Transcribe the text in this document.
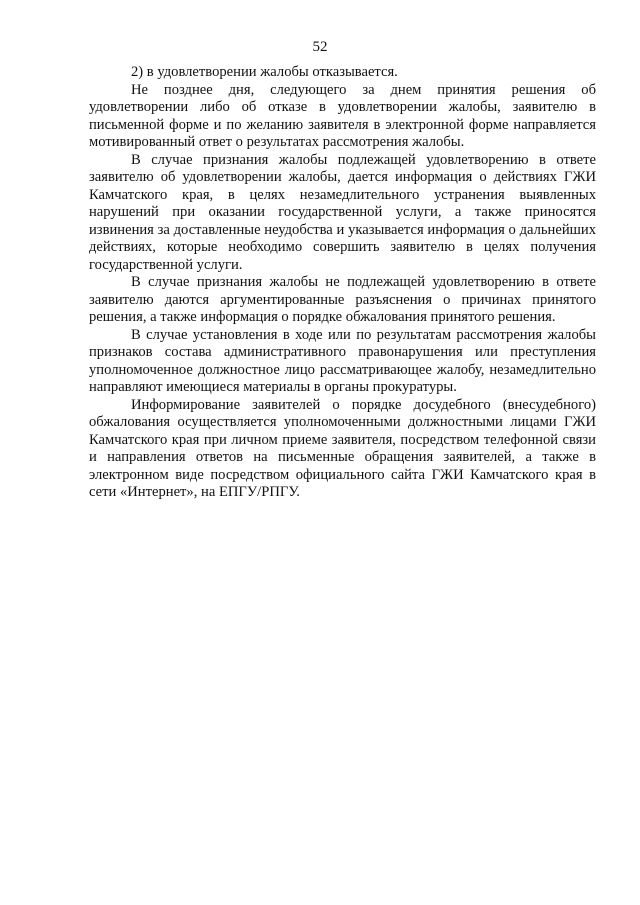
52

2) в удовлетворении жалобы отказывается.

Не позднее дня, следующего за днем принятия решения об удовлетворении либо об отказе в удовлетворении жалобы, заявителю в письменной форме и по желанию заявителя в электронной форме направляется мотивированный ответ о результатах рассмотрения жалобы.

В случае признания жалобы подлежащей удовлетворению в ответе заявителю об удовлетворении жалобы, дается информация о действиях ГЖИ Камчатского края, в целях незамедлительного устранения выявленных нарушений при оказании государственной услуги, а также приносятся извинения за доставленные неудобства и указывается информация о дальнейших действиях, которые необходимо совершить заявителю в целях получения государственной услуги.

В случае признания жалобы не подлежащей удовлетворению в ответе заявителю даются аргументированные разъяснения о причинах принятого решения, а также информация о порядке обжалования принятого решения.

В случае установления в ходе или по результатам рассмотрения жалобы признаков состава административного правонарушения или преступления уполномоченное должностное лицо рассматривающее жалобу, незамедлительно направляют имеющиеся материалы в органы прокуратуры.

Информирование заявителей о порядке досудебного (внесудебного) обжалования осуществляется уполномоченными должностными лицами ГЖИ Камчатского края при личном приеме заявителя, посредством телефонной связи и направления ответов на письменные обращения заявителей, а также в электронном виде посредством официального сайта ГЖИ Камчатского края в сети «Интернет», на ЕПГУ/РПГУ.
